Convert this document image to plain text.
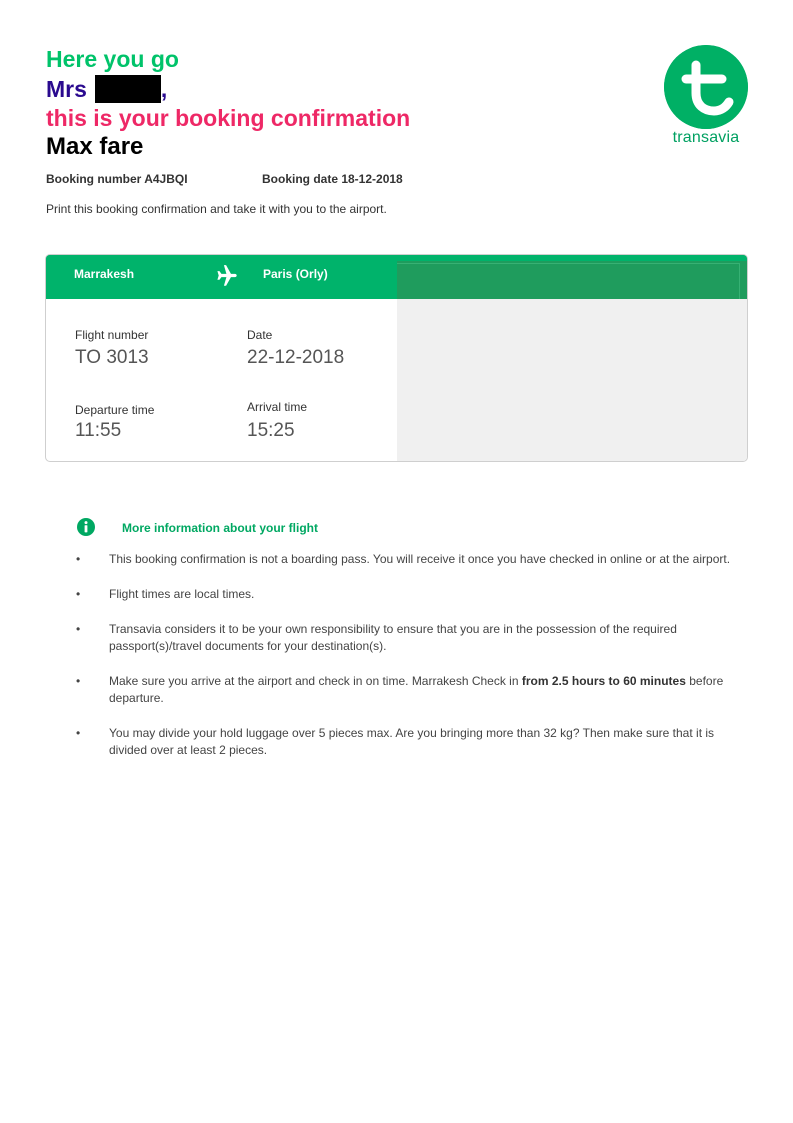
Here you go
Mrs	,
this is your booking confirmation
Max fare	transavia
Booking number A4JBQI	Booking date 18-12-2018
Print this booking confirmation and take it with you to the airport.
Marrakesh	Paris (Orly)
Flight number
TO 3013
Date
22-12-2018
Departure time
11:55
Arrival time
15:25
More information about your flight
• This booking confirmation is not a boarding pass. You will receive it once you have checked in online or at the airport.
• Flight times are local times.
• Transavia considers it to be your own responsibility to ensure that you are in the possession of the required passport(s)/travel documents for your destination(s).
• Make sure you arrive at the airport and check in on time. Marrakesh Check in from 2.5 hours to 60 minutes before departure.
• You may divide your hold luggage over 5 pieces max. Are you bringing more than 32 kg? Then make sure that it is divided over at least 2 pieces.
